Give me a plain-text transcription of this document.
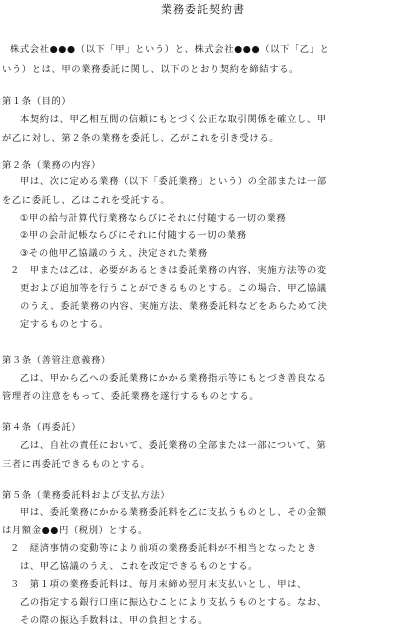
業務委託契約書
株式会社●●●（以下「甲」という）と、株式会社●●●（以下「乙」と
いう）とは、甲の業務委託に関し、以下のとおり契約を締結する。
第１条（目的）
本契約は、甲乙相互間の信頼にもとづく公正な取引関係を確立し、甲
が乙に対し、第２条の業務を委託し、乙がこれを引き受ける。
第２条（業務の内容）
甲は、次に定める業務（以下「委託業務」という）の全部または一部
を乙に委託し、乙はこれを受託する。
①甲の給与計算代行業務ならびにそれに付随する一切の業務
②甲の会計記帳ならびにそれに付随する一切の業務
③その他甲乙協議のうえ、決定された業務
２　甲または乙は、必要があるときは委託業務の内容、実施方法等の変
更および追加等を行うことができるものとする。この場合、甲乙協議
のうえ、委託業務の内容、実施方法、業務委託料などをあらためて決
定するものとする。
第３条（善管注意義務）
乙は、甲から乙への委託業務にかかる業務指示等にもとづき善良なる
管理者の注意をもって、委託業務を遂行するものとする。
第４条（再委託）
乙は、自社の責任において、委託業務の全部または一部について、第
三者に再委託できるものとする。
第５条（業務委託料および支払方法）
甲は、委託業務にかかる業務委託料を乙に支払うものとし、その金額
は月額金●●円（税別）とする。
２　経済事情の変動等により前項の業務委託料が不相当となったとき
は、甲乙協議のうえ、これを改定できるものとする。
３　第１項の業務委託料は、毎月末締め翌月末支払いとし、甲は、
乙の指定する銀行口座に振込むことにより支払うものとする。なお、
その際の振込手数料は、甲の負担とする。
